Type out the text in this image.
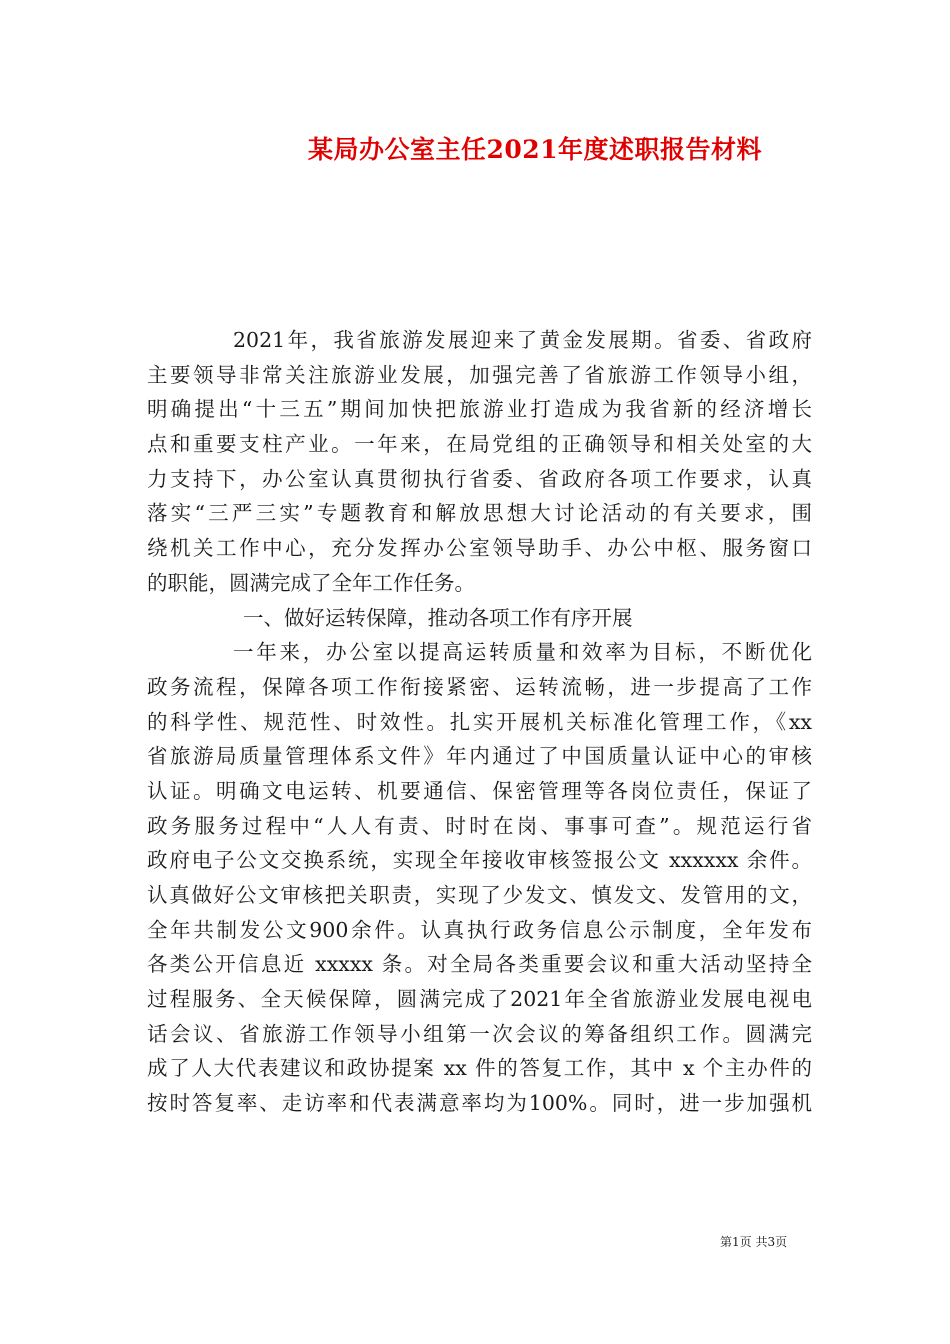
某局办公室主任2021年度述职报告材料
2021年，我省旅游发展迎来了黄金发展期。省委、省政府
主要领导非常关注旅游业发展，加强完善了省旅游工作领导小组，
明确提出“十三五”期间加快把旅游业打造成为我省新的经济增长
点和重要支柱产业。一年来，在局党组的正确领导和相关处室的大
力支持下，办公室认真贯彻执行省委、省政府各项工作要求，认真
落实“三严三实”专题教育和解放思想大讨论活动的有关要求，围
绕机关工作中心，充分发挥办公室领导助手、办公中枢、服务窗口
的职能，圆满完成了全年工作任务。
一、做好运转保障，推动各项工作有序开展
一年来，办公室以提高运转质量和效率为目标，不断优化
政务流程，保障各项工作衔接紧密、运转流畅，进一步提高了工作
的科学性、规范性、时效性。扎实开展机关标准化管理工作，《xx
省旅游局质量管理体系文件》年内通过了中国质量认证中心的审核
认证。明确文电运转、机要通信、保密管理等各岗位责任，保证了
政务服务过程中“人人有责、时时在岗、事事可查”。规范运行省
政府电子公文交换系统，实现全年接收审核签报公文 xxxxxx 余件。
认真做好公文审核把关职责，实现了少发文、慎发文、发管用的文，
全年共制发公文900余件。认真执行政务信息公示制度，全年发布
各类公开信息近 xxxxx 条。对全局各类重要会议和重大活动坚持全
过程服务、全天候保障，圆满完成了2021年全省旅游业发展电视电
话会议、省旅游工作领导小组第一次会议的筹备组织工作。圆满完
成了人大代表建议和政协提案 xx 件的答复工作，其中 x 个主办件的
按时答复率、走访率和代表满意率均为100%。同时，进一步加强机
第1页 共3页
